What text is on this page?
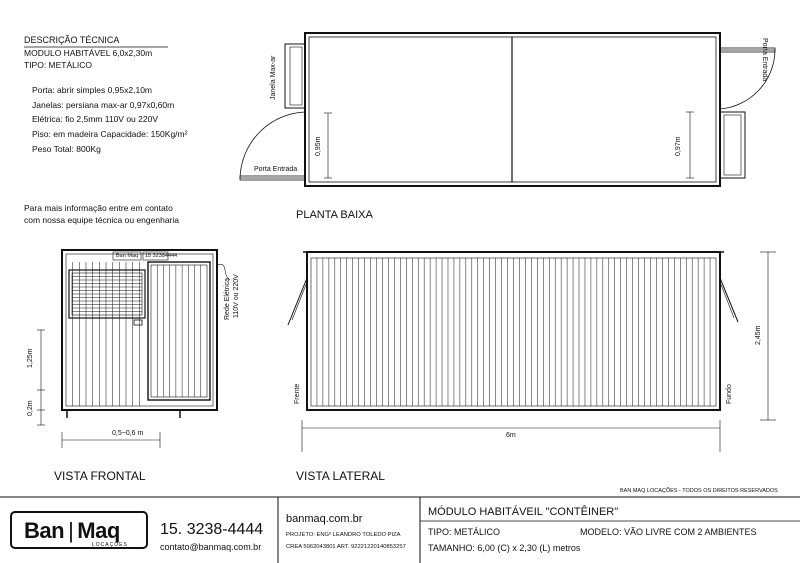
DESCRIÇÃO TÉCNICA
MODULO HABITÁVEL 6,0x2,30m
TIPO: METÁLICO
Porta: abrir simples 0,95x2,10m
Janelas: persiana max-ar 0,97x0,60m
Elétrica: fio 2,5mm 110V ou 220V
Piso: em madeira Capacidade: 150Kg/m²
Peso Total: 800Kg
Para mais informação entre em contato
com nossa equipe técnica ou engenharia	PLANTA BAIXA
Janela Max-ar
Porta Entrada
Porta Entrada
0,95m	0,97m
Ban Maq 15 32384444
Rede Elétrica 110V ou 220V
1,25m
0,2m
0,5~0,6 m
VISTA FRONTAL
Frente	Fundo
6m
2,45m
VISTA LATERAL
BAN MAQ LOCAÇÕES - TODOS OS DIREITOS RESERVADOS
Ban | Maq
LOCAÇÕES
15. 3238-4444
contato@banmaq.com.br
banmaq.com.br
PROJETO: ENGº LEANDRO TOLEDO PIZA
CREA 5062043801 ART. 92221220140853257
MÓDULO HABITÁVEIL "CONTÊINER"
TIPO: METÁLICO	MODELO: VÃO LIVRE COM 2 AMBIENTES
TAMANHO: 6,00 (C) x 2,30 (L) metros
